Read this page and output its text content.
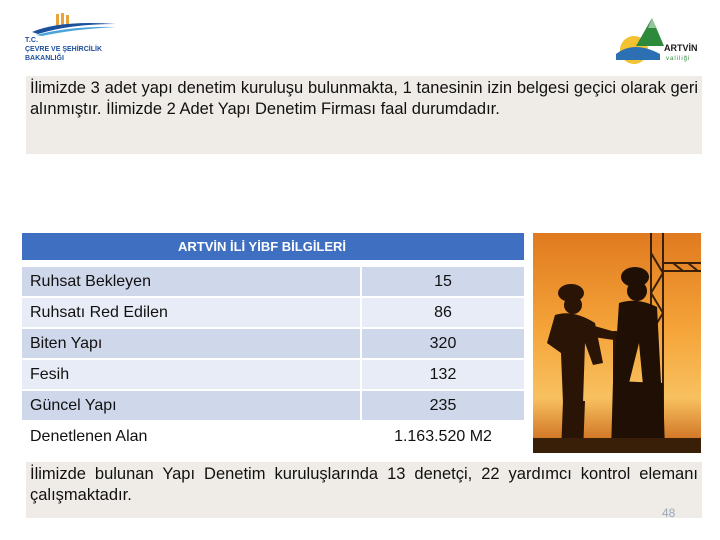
T.C.
ÇEVRE VE ŞEHİRCİLİK
BAKANLIĞI
ARTVİN
valiliği
İlimizde 3 adet yapı denetim kuruluşu bulunmakta, 1 tanesinin izin belgesi geçici olarak geri alınmıştır. İlimizde 2 Adet Yapı Denetim Firması faal durumdadır.
ARTVİN İLİ YİBF BİLGİLERİ
Ruhsat Bekleyen	15
Ruhsatı Red Edilen	86
Biten Yapı	320
Fesih	132
Güncel Yapı	235
Denetlenen Alan	1.163.520 M2
İlimizde bulunan Yapı Denetim kuruluşlarında 13 denetçi, 22 yardımcı kontrol elemanı çalışmaktadır.
48
